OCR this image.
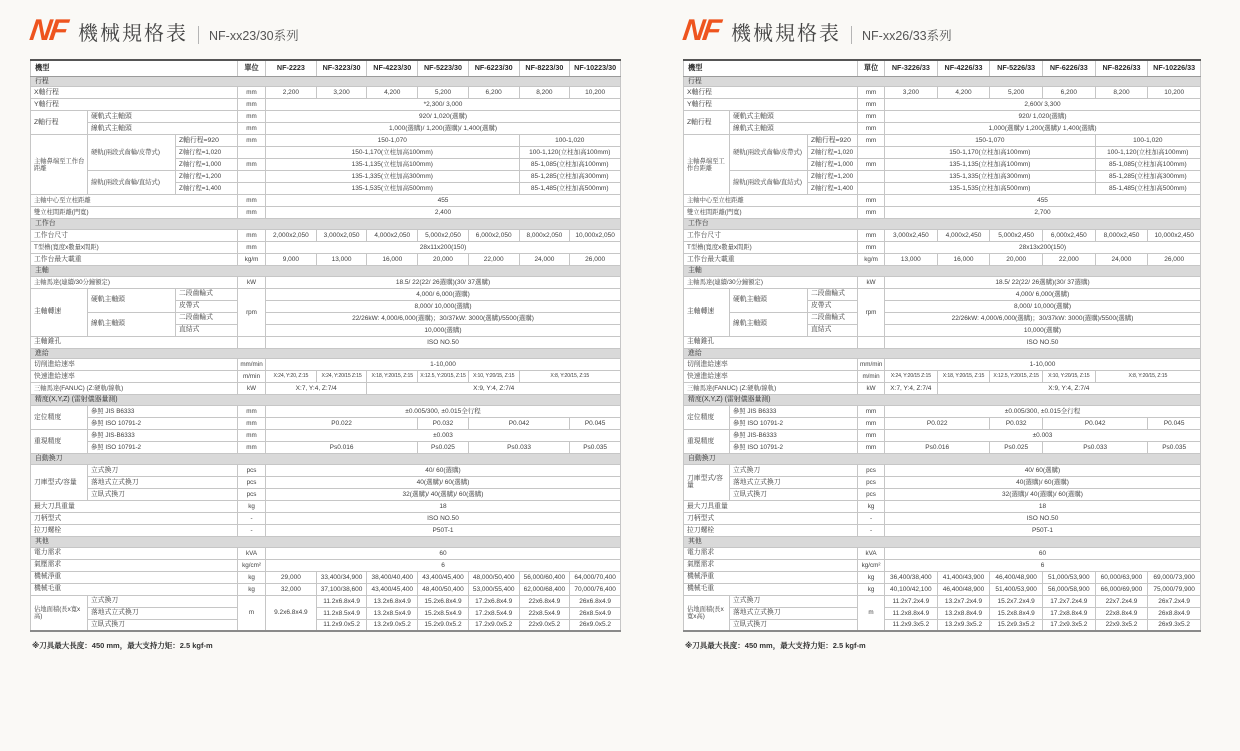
NF 機械規格表	NF-xx23/30系列
機型			單位	NF-2223	NF-3223/30	NF-4223/30	NF-5223/30	NF-6223/30	NF-8223/30	NF-10223/30
行程										
X軸行程			mm	2,200	3,200	4,200	5,200	6,200	8,200	10,200
Y軸行程			mm	*2,300/ 3,000						
Z軸行程	硬軌式主軸頭		mm	920/ 1,020(選購)						
	線軌式主軸頭		mm	1,000(選購)/ 1,200(選購)/ 1,400(選購)						
主軸鼻端至工作台距離	硬軌(兩段式齒輪/皮帶式)	Z軸行程=920	mm	150-1,070					100-1,020	
		Z軸行程=1,020		150-1,170(立柱加高100mm)					100-1,120(立柱加高100mm)	
		Z軸行程=1,000	mm	135-1,135(立柱加高100mm)					85-1,085(立柱加高100mm)	
	線軌(兩段式齒輪/直結式)	Z軸行程=1,200		135-1,335(立柱加高300mm)					85-1,285(立柱加高300mm)	
		Z軸行程=1,400		135-1,535(立柱加高500mm)					85-1,485(立柱加高500mm)	
主軸中心至立柱距離			mm	455						
雙立柱間距離(門寬)			mm	2,400						
工作台										
工作台尺寸			mm	2,000x2,050	3,000x2,050	4,000x2,050	5,000x2,050	6,000x2,050	8,000x2,050	10,000x2,050
T型槽(寬度x數量x間距)			mm	28x11x200(150)						
工作台最大載重			kg/m	9,000	13,000	16,000	20,000	22,000	24,000	26,000
主軸										
主軸馬達(連續/30分鐘額定)			kW	18.5/ 22(22/ 26選購)(30/ 37選購)						
主軸轉速	硬軌主軸頭	二段齒輪式	rpm	4,000/ 6,000(選購)						
		皮帶式		8,000/ 10,000(選購)						
	線軌主軸頭	二段齒輪式		22/26kW: 4,000/6,000(選購)；30/37kW: 3000(選購)/5500(選購)						
		直結式		10,000(選購)						
主軸錐孔				ISO NO.50						
進給										
切削進給速率			mm/min	1-10,000						
快速進給速率			m/min	X:24, Y:20, Z:15	X:24, Y:20/15 Z:15	X:18, Y:20/15, Z:15	X:12.5, Y:20/15, Z:15	X:10, Y:20/15, Z:15	X:8, Y:20/15, Z:15	
三軸馬達(FANUC) (Z:硬軌/線軌)			kW	X:7, Y:4, Z:7/4		X:9, Y:4, Z:7/4				
精度(X,Y,Z) (雷射儀器量測)										
定位精度	參照 JIS B6333		mm	±0.005/300, ±0.015全行程						
	參照 ISO 10791-2		mm	P0.022			P0.032	P0.042		P0.045
重現精度	參照 JIS-B6333		mm	±0.003						
	參照 ISO 10791-2		mm	Ps0.016			Ps0.025	Ps0.033		Ps0.035
自動換刀										
刀庫型式/容量	立式換刀		pcs	40/ 60(選購)						
	落地式立式換刀		pcs	40(選購)/ 60(選購)						
	立臥式換刀		pcs	32(選購)/ 40(選購)/ 60(選購)						
最大刀具重量			kg	18						
刀柄型式			-	ISO NO.50						
拉刀螺栓			-	P50T-1						
其他										
電力需求			kVA	60						
氣壓需求			kg/cm²	6						
機械淨重			kg	29,000	33,400/34,900	38,400/40,400	43,400/45,400	48,000/50,400	56,000/60,400	64,000/70,400
機械毛重			kg	32,000	37,100/38,600	43,400/45,400	48,400/50,400	53,000/55,400	62,000/68,400	70,000/76,400
佔地面積(長x寬x高)	立式換刀		m	9.2x6.8x4.9	11.2x6.8x4.9	13.2x6.8x4.9	15.2x6.8x4.9	17.2x6.8x4.9	22x6.8x4.9	26x6.8x4.9
	落地式立式換刀				11.2x8.5x4.9	13.2x8.5x4.9	15.2x8.5x4.9	17.2x8.5x4.9	22x8.5x4.9	26x8.5x4.9
	立臥式換刀				11.2x9.0x5.2	13.2x9.0x5.2	15.2x9.0x5.2	17.2x9.0x5.2	22x9.0x5.2	26x9.0x5.2

※刀具最大長度：450 mm，最大支持力矩：2.5 kgf-m

NF 機械規格表	NF-xx26/33系列
機型			單位	NF-3226/33	NF-4226/33	NF-5226/33	NF-6226/33	NF-8226/33	NF-10226/33
行程									
X軸行程			mm	3,200	4,200	5,200	6,200	8,200	10,200
Y軸行程			mm	2,600/ 3,300					
Z軸行程	硬軌式主軸頭		mm	920/ 1,020(選購)					
	線軌式主軸頭		mm	1,000(選購)/ 1,200(選購)/ 1,400(選購)					
主軸鼻端至工作台距離	硬軌(兩段式齒輪/皮帶式)	Z軸行程=920	mm	150-1,070				100-1,020	
		Z軸行程=1,020		150-1,170(立柱加高100mm)				100-1,120(立柱加高100mm)	
		Z軸行程=1,000	mm	135-1,135(立柱加高100mm)				85-1,085(立柱加高100mm)	
	線軌(兩段式齒輪/直結式)	Z軸行程=1,200		135-1,335(立柱加高300mm)				85-1,285(立柱加高300mm)	
		Z軸行程=1,400		135-1,535(立柱加高500mm)				85-1,485(立柱加高500mm)	
主軸中心至立柱距離			mm	455					
雙立柱間距離(門寬)			mm	2,700					
工作台									
工作台尺寸			mm	3,000x2,450	4,000x2,450	5,000x2,450	6,000x2,450	8,000x2,450	10,000x2,450
T型槽(寬度x數量x間距)			mm	28x13x200(150)					
工作台最大載重			kg/m	13,000	16,000	20,000	22,000	24,000	26,000
主軸									
主軸馬達(連續/30分鐘額定)			kW	18.5/ 22(22/ 26選購)(30/ 37選購)					
主軸轉速	硬軌主軸頭	二段齒輪式	rpm	4,000/ 6,000(選購)					
		皮帶式		8,000/ 10,000(選購)					
	線軌主軸頭	二段齒輪式		22/26kW: 4,000/6,000(選購)；30/37kW: 3000(選購)/5500(選購)					
		直結式		10,000(選購)					
主軸錐孔				ISO NO.50					
進給									
切削進給速率			mm/min	1-10,000					
快速進給速率			m/min	X:24, Y:20/15 Z:15	X:18, Y:20/15, Z:15	X:12.5, Y:20/15, Z:15	X:10, Y:20/15, Z:15	X:8, Y:20/15, Z:15	
三軸馬達(FANUC) (Z:硬軌/線軌)			kW	X:7, Y:4, Z:7/4	X:9, Y:4, Z:7/4				
精度(X,Y,Z) (雷射儀器量測)									
定位精度	參照 JIS B6333		mm	±0.005/300, ±0.015全行程					
	參照 ISO 10791-2		mm	P0.022		P0.032	P0.042		P0.045
重現精度	參照 JIS-B6333		mm	±0.003					
	參照 ISO 10791-2		mm	Ps0.016		Ps0.025	Ps0.033		Ps0.035
自動換刀									
刀庫型式/容量	立式換刀		pcs	40/ 60(選購)					
	落地式立式換刀		pcs	40(選購)/ 60(選購)					
	立臥式換刀		pcs	32(選購)/ 40(選購)/ 60(選購)					
最大刀具重量			kg	18					
刀柄型式			-	ISO NO.50					
拉刀螺栓			-	P50T-1					
其他									
電力需求			kVA	60					
氣壓需求			kg/cm²	6					
機械淨重			kg	36,400/38,400	41,400/43,900	46,400/48,900	51,000/53,900	60,000/63,900	69,000/73,900
機械毛重			kg	40,100/42,100	46,400/48,900	51,400/53,900	56,000/58,900	66,000/69,900	75,000/79,900
佔地面積(長x寬x高)	立式換刀		m	11.2x7.2x4.9	13.2x7.2x4.9	15.2x7.2x4.9	17.2x7.2x4.9	22x7.2x4.9	26x7.2x4.9
	落地式立式換刀			11.2x8.8x4.9	13.2x8.8x4.9	15.2x8.8x4.9	17.2x8.8x4.9	22x8.8x4.9	26x8.8x4.9
	立臥式換刀			11.2x9.3x5.2	13.2x9.3x5.2	15.2x9.3x5.2	17.2x9.3x5.2	22x9.3x5.2	26x9.3x5.2

※刀具最大長度：450 mm，最大支持力矩：2.5 kgf-m
